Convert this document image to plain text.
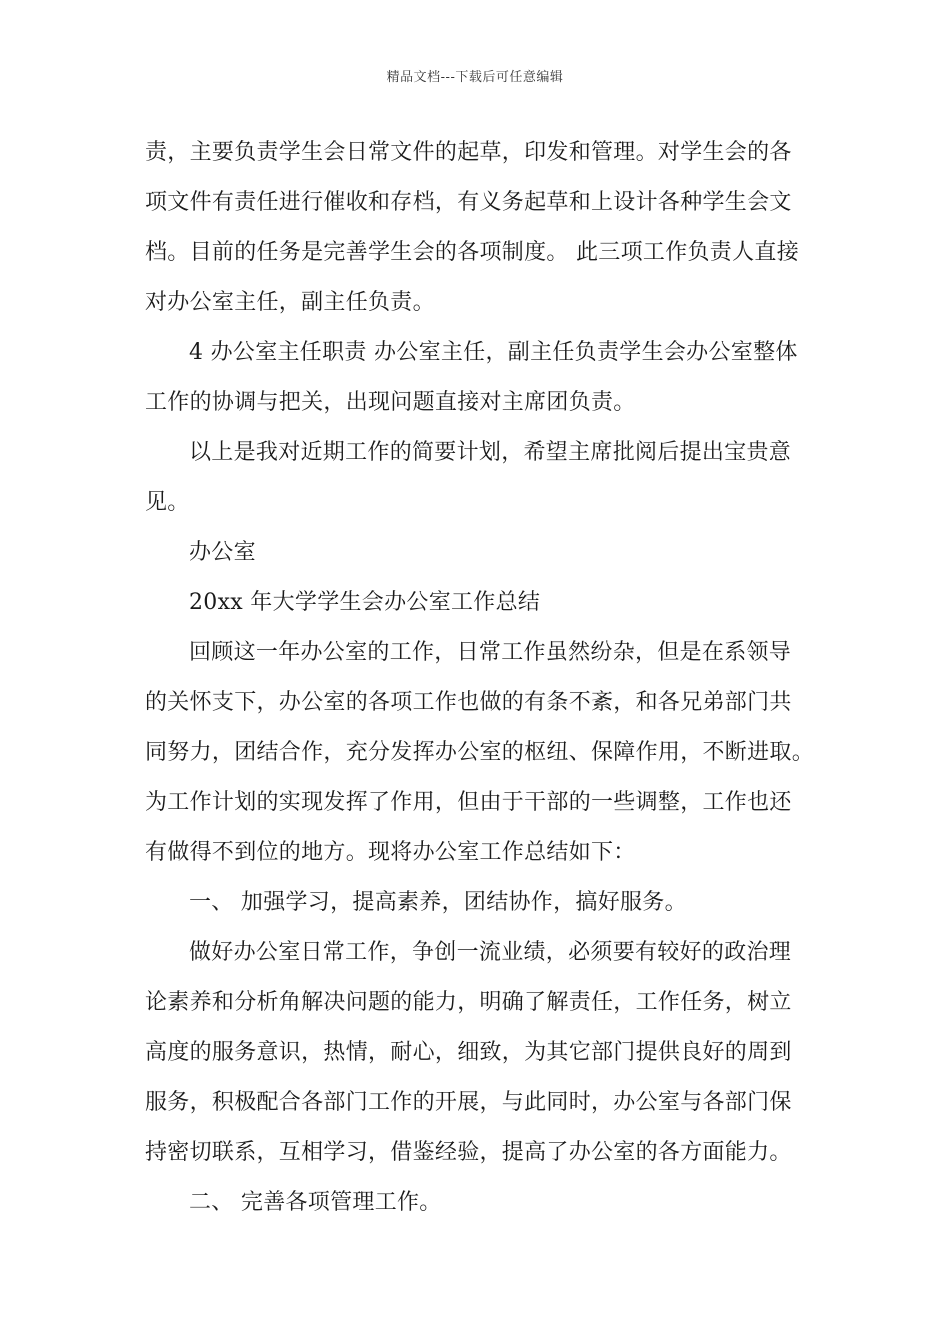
精品文档---下载后可任意编辑
责，主要负责学生会日常文件的起草，印发和管理。对学生会的各
项文件有责任进行催收和存档，有义务起草和上设计各种学生会文
档。目前的任务是完善学生会的各项制度。 此三项工作负责人直接
对办公室主任，副主任负责。
4 办公室主任职责 办公室主任，副主任负责学生会办公室整体
工作的协调与把关，出现问题直接对主席团负责。
以上是我对近期工作的简要计划，希望主席批阅后提出宝贵意
见。
办公室
20xx 年大学学生会办公室工作总结
回顾这一年办公室的工作，日常工作虽然纷杂，但是在系领导
的关怀支下，办公室的各项工作也做的有条不紊，和各兄弟部门共
同努力，团结合作，充分发挥办公室的枢纽、保障作用，不断进取。
为工作计划的实现发挥了作用，但由于干部的一些调整，工作也还
有做得不到位的地方。现将办公室工作总结如下：
一、 加强学习，提高素养，团结协作，搞好服务。
做好办公室日常工作，争创一流业绩，必须要有较好的政治理
论素养和分析角解决问题的能力，明确了解责任，工作任务，树立
高度的服务意识，热情，耐心，细致，为其它部门提供良好的周到
服务，积极配合各部门工作的开展，与此同时，办公室与各部门保
持密切联系，互相学习，借鉴经验，提高了办公室的各方面能力。
二、 完善各项管理工作。
